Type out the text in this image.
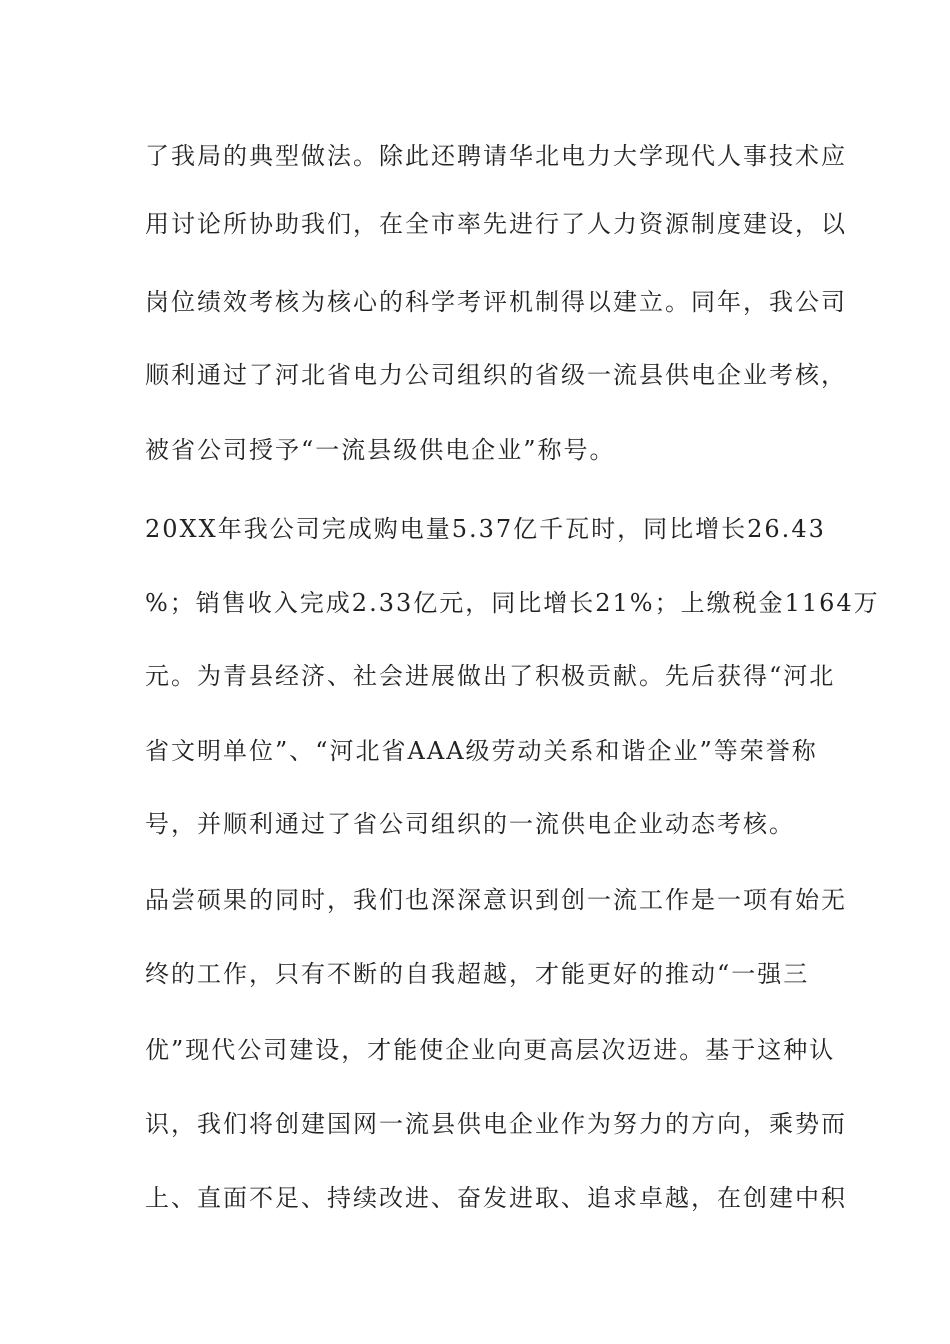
了我局的典型做法。除此还聘请华北电力大学现代人事技术应
用讨论所协助我们，在全市率先进行了人力资源制度建设，以
岗位绩效考核为核心的科学考评机制得以建立。同年，我公司
顺利通过了河北省电力公司组织的省级一流县供电企业考核，
被省公司授予“一流县级供电企业”称号。
20XX年我公司完成购电量5.37亿千瓦时，同比增长26.43
%；销售收入完成2.33亿元，同比增长21%；上缴税金1164万
元。为青县经济、社会进展做出了积极贡献。先后获得“河北
省文明单位”、“河北省AAA级劳动关系和谐企业”等荣誉称
号，并顺利通过了省公司组织的一流供电企业动态考核。
品尝硕果的同时，我们也深深意识到创一流工作是一项有始无
终的工作，只有不断的自我超越，才能更好的推动“一强三
优”现代公司建设，才能使企业向更高层次迈进。基于这种认
识，我们将创建国网一流县供电企业作为努力的方向，乘势而
上、直面不足、持续改进、奋发进取、追求卓越，在创建中积
